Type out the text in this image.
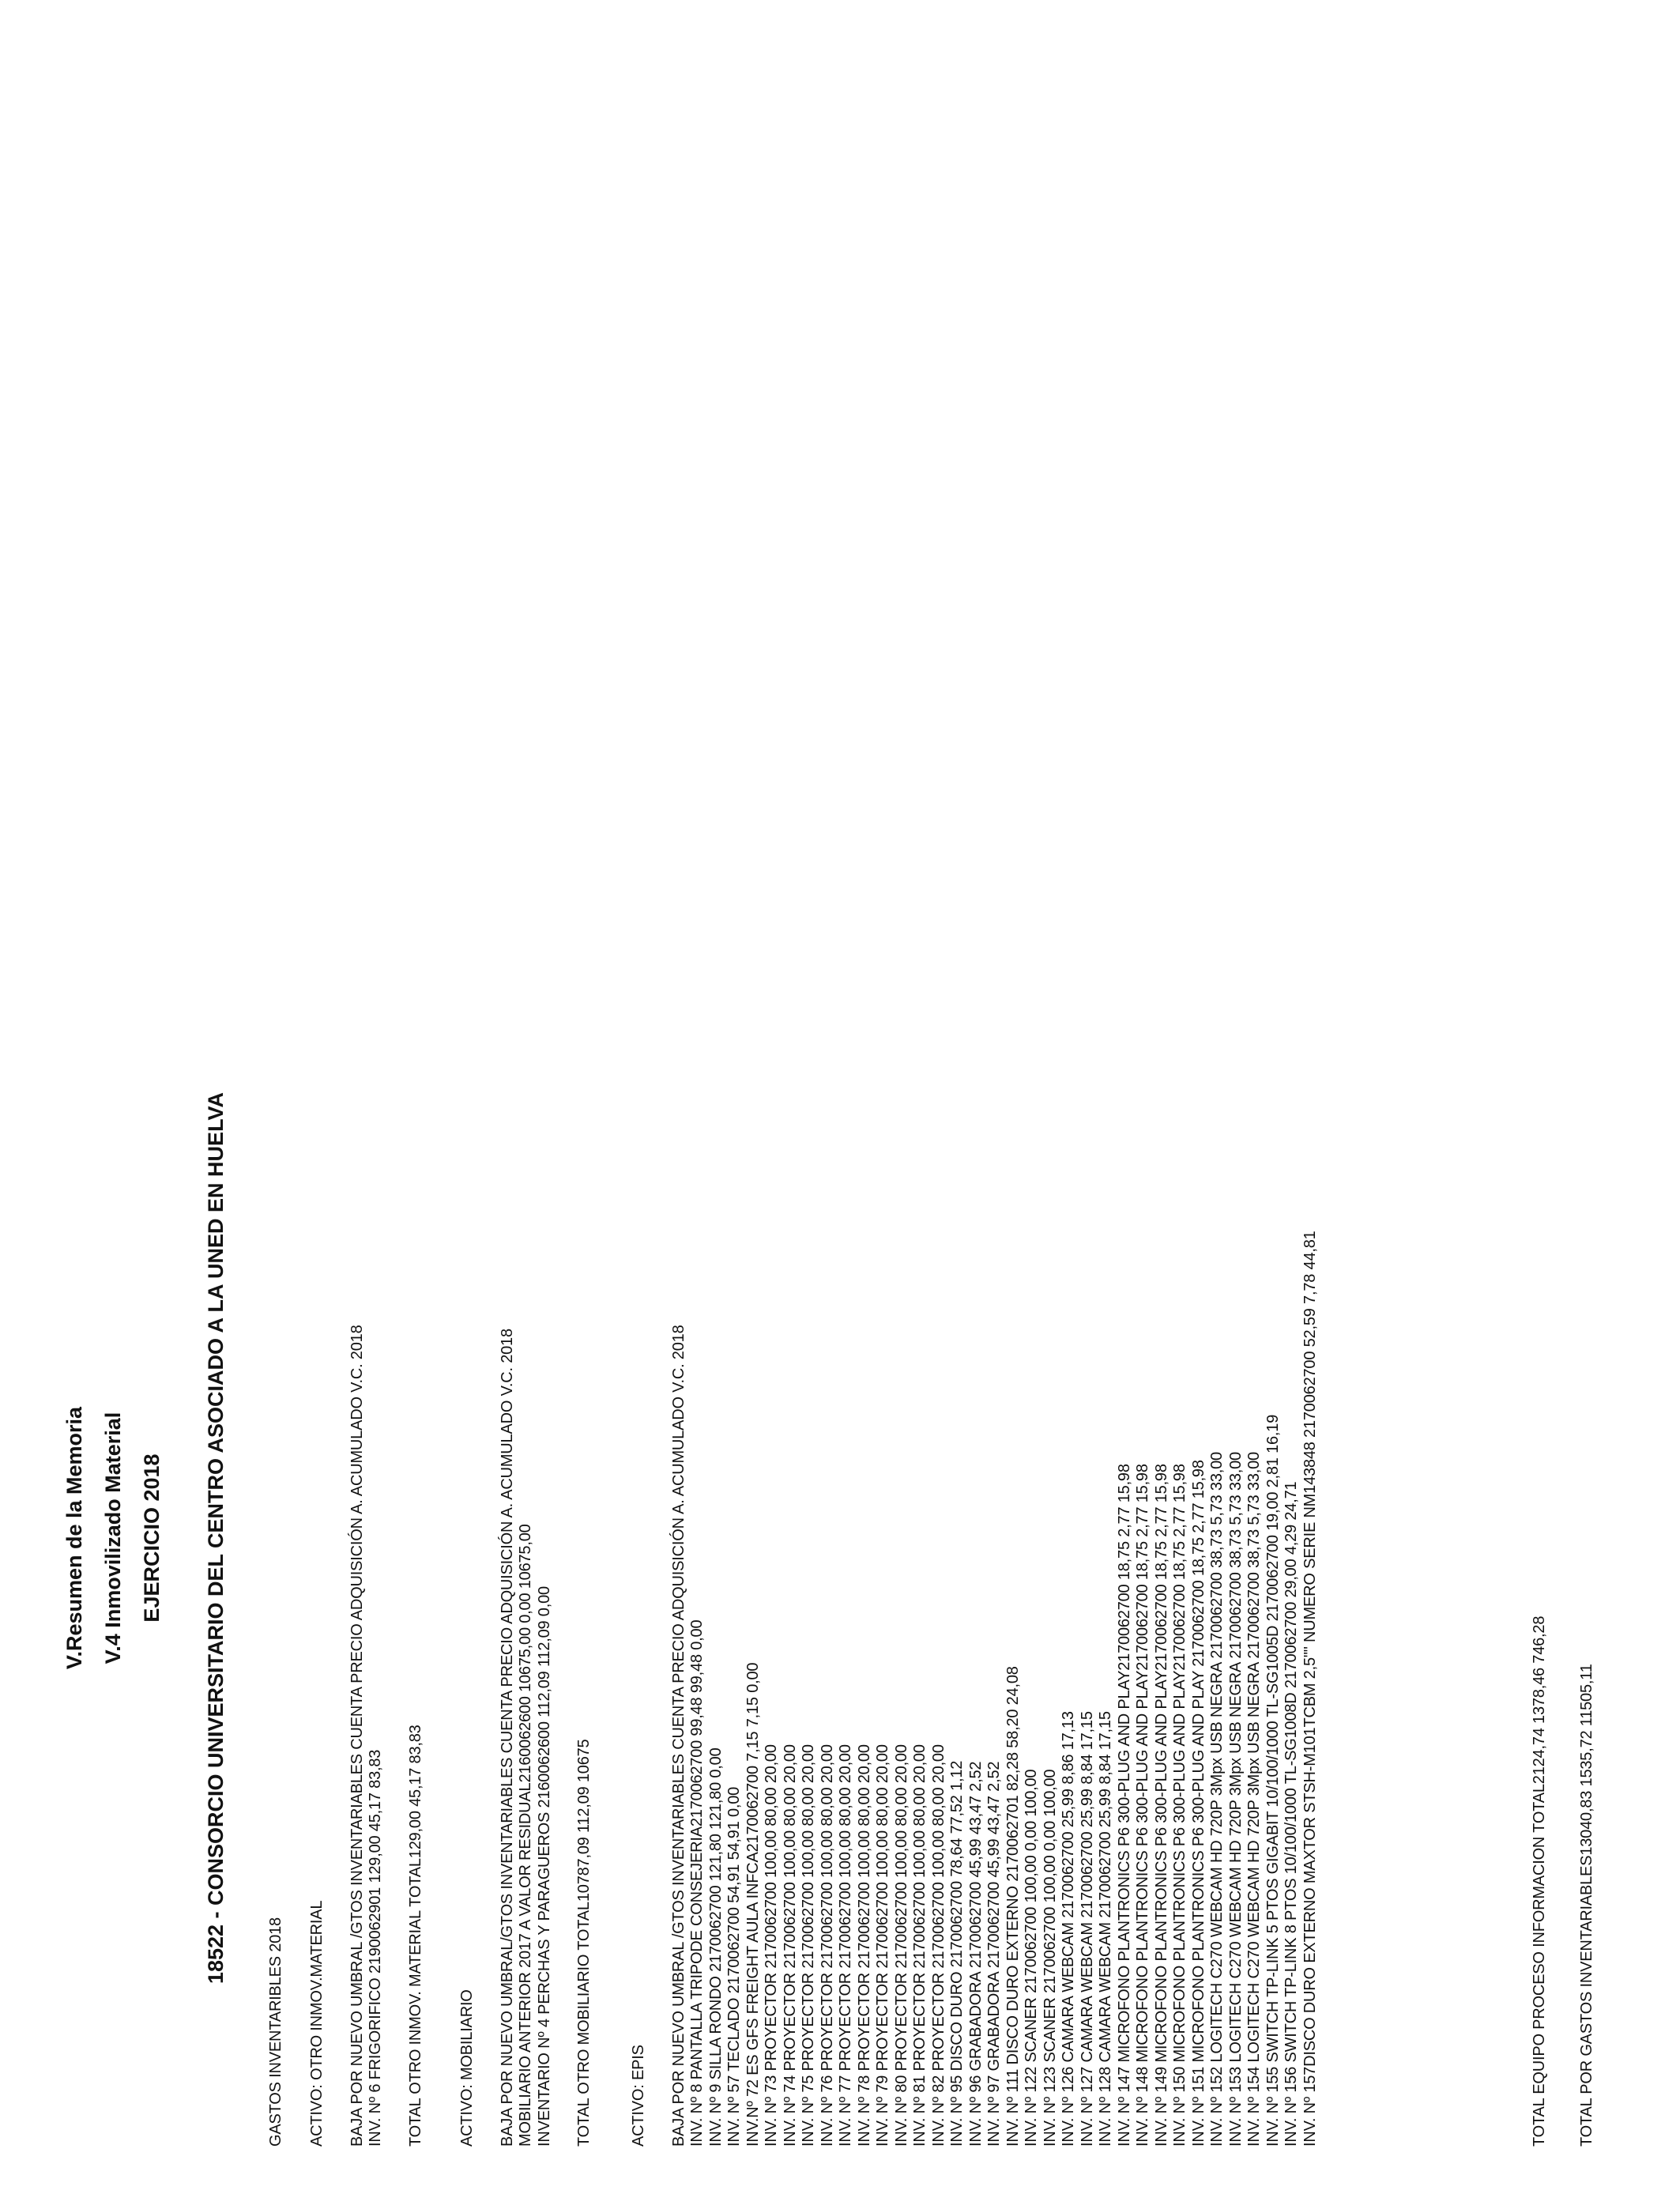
V.Resumen de la Memoria V.4 Inmovilizado Material EJERCICIO 2018 18522 - CONSORCIO UNIVERSITARIO DEL CENTRO ASOCIADO A LA UNED EN HUELVA
GASTOS INVENTARIBLES 2018 ACTIVO: OTRO INMOV.MATERIAL BAJA POR NUEVO UMBRAL /GTOS INVENTARIABLES CUENTA PRECIO ADQUISICIÓN A. ACUMULADO V.C. 2018 INV. Nº 6 FRIGORIFICO 2190062901 129,00 45,17 83,83 TOTAL OTRO INMOV. MATERIAL TOTAL129,00 45,17 83,83 ACTIVO: MOBILIARIO BAJA POR NUEVO UMBRAL/GTOS INVENTARIABLES CUENTA PRECIO ADQUISICIÓN A. ACUMULADO V.C. 2018 MOBILIARIO ANTERIOR 2017 A VALOR RESIDUAL2160062600 10675,00 0,00 10675,00 INVENTARIO Nº 4 PERCHAS Y PARAGUEROS 2160062600 112,09 112,09 0,00 TOTAL OTRO MOBILIARIO TOTAL10787,09 112,09 10675 ACTIVO: EPIS BAJA POR NUEVO UMBRAL /GTOS INVENTARIABLES CUENTA PRECIO ADQUISICIÓN A. ACUMULADO V.C. 2018 INV. Nº 8 PANTALLA TRIPODE CONSEJERIA2170062700 99,48 99,48 0,00 INV. Nº 9 SILLA RONDO 2170062700 121,80 121,80 0,00 INV. Nº 57 TECLADO 2170062700 54,91 54,91 0,00 INV.Nº 72 ES GFS FREIGHT AULA INFCA2170062700 7,15 7,15 0,00 INV. Nº 73 PROYECTOR 2170062700 100,00 80,00 20,00 INV. Nº 74 PROYECTOR 2170062700 100,00 80,00 20,00 INV. Nº 75 PROYECTOR 2170062700 100,00 80,00 20,00 INV. Nº 76 PROYECTOR 2170062700 100,00 80,00 20,00 INV. Nº 77 PROYECTOR 2170062700 100,00 80,00 20,00 INV. Nº 78 PROYECTOR 2170062700 100,00 80,00 20,00 INV. Nº 79 PROYECTOR 2170062700 100,00 80,00 20,00 INV. Nº 80 PROYECTOR 2170062700 100,00 80,00 20,00 INV. Nº 81 PROYECTOR 2170062700 100,00 80,00 20,00 INV. Nº 82 PROYECTOR 2170062700 100,00 80,00 20,00 INV. Nº 95 DISCO DURO 2170062700 78,64 77,52 1,12 INV. Nº 96 GRABADORA 2170062700 45,99 43,47 2,52 INV. Nº 97 GRABADORA 2170062700 45,99 43,47 2,52 INV. Nº 111 DISCO DURO EXTERNO 2170062701 82,28 58,20 24,08 INV. Nº 122 SCANER 2170062700 100,00 0,00 100,00 INV. Nº 123 SCANER 2170062700 100,00 0,00 100,00 INV. Nº 126 CAMARA WEBCAM 2170062700 25,99 8,86 17,13 INV. Nº 127 CAMARA WEBCAM 2170062700 25,99 8,84 17,15 INV. Nº 128 CAMARA WEBCAM 2170062700 25,99 8,84 17,15 INV. Nº 147 MICROFONO PLANTRONICS P6 300-PLUG AND PLAY2170062700 18,75 2,77 15,98 INV. Nº 148 MICROFONO PLANTRONICS P6 300-PLUG AND PLAY2170062700 18,75 2,77 15,98 INV. Nº 149 MICROFONO PLANTRONICS P6 300-PLUG AND PLAY2170062700 18,75 2,77 15,98 INV. Nº 150 MICROFONO PLANTRONICS P6 300-PLUG AND PLAY2170062700 18,75 2,77 15,98 INV. Nº 151 MICROFONO PLANTRONICS P6 300-PLUG AND PLAY 2170062700 18,75 2,77 15,98 INV. Nº 152 LOGITECH C270 WEBCAM HD 720P 3Mpx USB NEGRA 2170062700 38,73 5,73 33,00 INV. Nº 153 LOGITECH C270 WEBCAM HD 720P 3Mpx USB NEGRA 2170062700 38,73 5,73 33,00 INV. Nº 154 LOGITECH C270 WEBCAM HD 720P 3Mpx USB NEGRA 2170062700 38,73 5,73 33,00 INV. Nº 155 SWITCH TP-LINK 5 PTOS GIGABIT 10/100/1000 TL-SG1005D 2170062700 19,00 2,81 16,19 INV. Nº 156 SWITCH TP-LINK 8 PTOS 10/100/1000 TL-SG1008D 2170062700 29,00 4,29 24,71 INV. Nº 157DISCO DURO EXTERNO MAXTOR STSH-M101TCBM 2,5"" NUMERO SERIE NM143848 2170062700 52,59 7,78 44,81	TOTAL EQUIPO PROCESO INFORMACION TOTAL2124,74 1378,46 746,28 TOTAL POR GASTOS INVENTARIABLES13040,83 1535,72 11505,11
